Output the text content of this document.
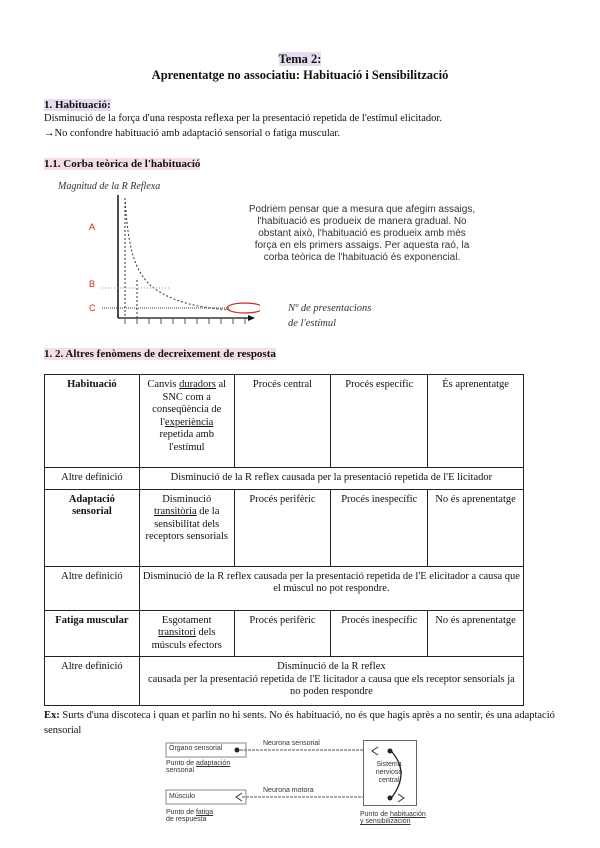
Tema 2:
Aprenentatge no associatiu: Habituació i Sensibilització
1. Habituació:
Disminució de la força d'una resposta reflexa per la presentació repetida de l'estímul elicitador.
→No confondre habituació amb adaptació sensorial o fatiga muscular.
1.1. Corba teòrica de l'habituació
Magnitud de la R Reflexa
A
B
C	Nº de presentacions
de l'estímul
Podriem pensar que a mesura que afegim assaigs, l'habituació es produeix de manera gradual. No obstant això, l'habituació es produeix amb més força en els primers assaigs. Per aquesta raó, la corba teòrica de l'habituació és exponencial.
1. 2. Altres fenòmens de decreixement de resposta
Habituació	Canvis duradors al SNC com a conseqüència de l'experiència repetida amb l'estímul	Procés central	Procés específic	És aprenentatge
Altre definició	Disminució de la R reflex causada per la presentació repetida de l'E licitador			
Adaptació sensorial	Disminució transitòria de la sensibilitat dels receptors sensorials	Procés perifèric	Procés inespecífic	No és aprenentatge
Altre definició	Disminució de la R reflex causada per la presentació repetida de l'E elicitador a causa que el múscul no pot respondre.			
Fatiga muscular	Esgotament transitori dels músculs efectors	Procés perifèric	Procés inespecífic	No és aprenentatge
Altre definició	Disminució de la R reflex
causada per la presentació repetida de l'E licitador a causa que els receptor sensorials ja no poden respondre			
Ex: Surts d'una discoteca i quan et parlin no hi sents. No és habituació, no és que hagis après a no sentir, és una adaptació sensorial
Órgano sensorial
Neurona sensorial
Punto de adaptación
sensorial
Músculo
Neurona motora
Punto de fatiga
de respuesta
Sistema nervioso central
Punto de habituación
y sensibilización
